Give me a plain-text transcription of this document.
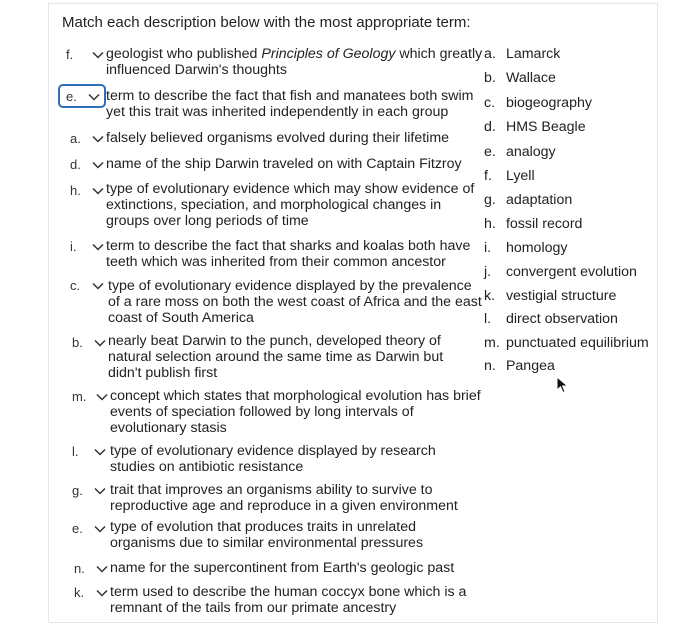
Match each description below with the most appropriate term:
f. geologist who published Principles of Geology which greatly influenced Darwin's thoughts
e. term to describe the fact that fish and manatees both swim yet this trait was inherited independently in each group
a. falsely believed organisms evolved during their lifetime
d. name of the ship Darwin traveled on with Captain Fitzroy
h. type of evolutionary evidence which may show evidence of extinctions, speciation, and morphological changes in groups over long periods of time
i. term to describe the fact that sharks and koalas both have teeth which was inherited from their common ancestor
c. type of evolutionary evidence displayed by the prevalence of a rare moss on both the west coast of Africa and the east coast of South America
b. nearly beat Darwin to the punch, developed theory of natural selection around the same time as Darwin but didn't publish first
m. concept which states that morphological evolution has brief events of speciation followed by long intervals of evolutionary stasis
l. type of evolutionary evidence displayed by research studies on antibiotic resistance
g. trait that improves an organisms ability to survive to reproductive age and reproduce in a given environment
e. type of evolution that produces traits in unrelated organisms due to similar environmental pressures
n. name for the supercontinent from Earth's geologic past
k. term used to describe the human coccyx bone which is a remnant of the tails from our primate ancestry
a. Lamarck
b. Wallace
c. biogeography
d. HMS Beagle
e. analogy
f. Lyell
g. adaptation
h. fossil record
i. homology
j. convergent evolution
k. vestigial structure
l. direct observation
m. punctuated equilibrium
n. Pangea
